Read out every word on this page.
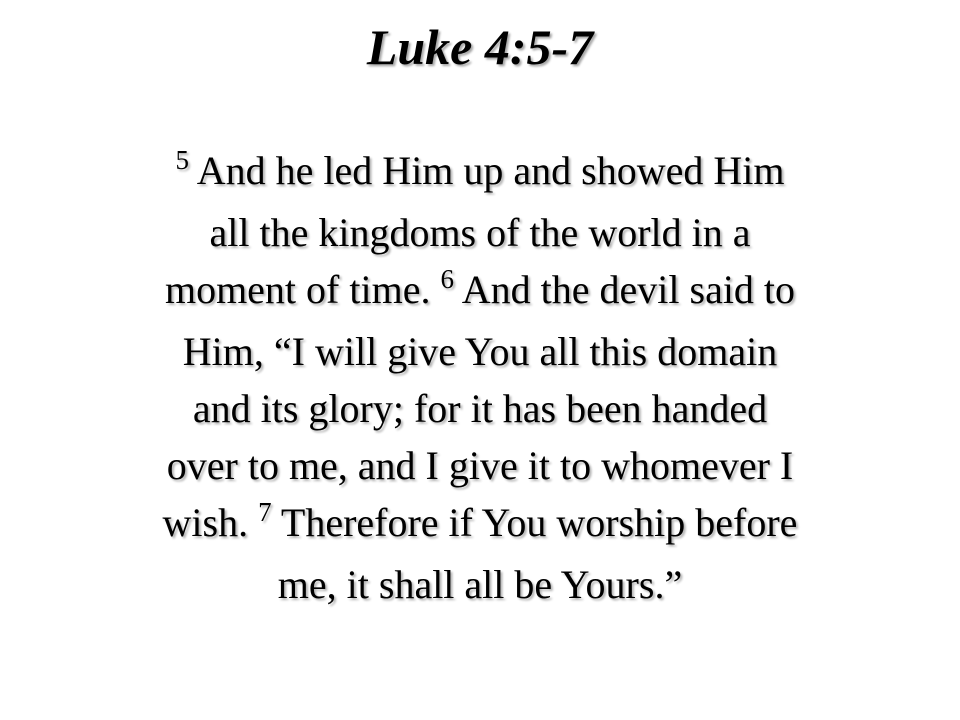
Luke 4:5-7
$^5$ And he led Him up and showed Him
all the kingdoms of the world in a
moment of time. $^6$ And the devil said to
Him, “I will give You all this domain
and its glory; for it has been handed
over to me, and I give it to whomever I
wish. $^7$ Therefore if You worship before
me, it shall all be Yours.”
